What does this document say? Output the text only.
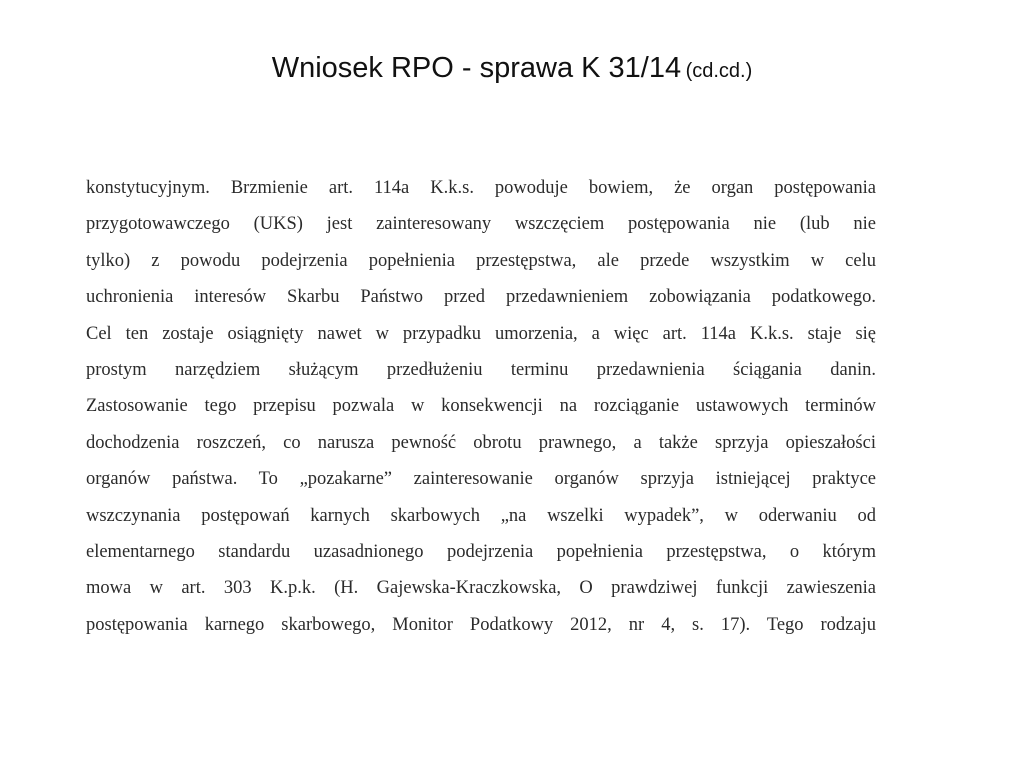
Wniosek RPO - sprawa K 31/14 (cd.cd.)
konstytucyjnym. Brzmienie art. 114a K.k.s. powoduje bowiem, że organ postępowania
przygotowawczego (UKS) jest zainteresowany wszczęciem postępowania nie (lub nie
tylko) z powodu podejrzenia popełnienia przestępstwa, ale przede wszystkim w celu
uchronienia interesów Skarbu Państwo przed przedawnieniem zobowiązania podatkowego.
Cel ten zostaje osiągnięty nawet w przypadku umorzenia, a więc art. 114a K.k.s. staje się
prostym narzędziem służącym przedłużeniu terminu przedawnienia ściągania danin.
Zastosowanie tego przepisu pozwala w konsekwencji na rozciąganie ustawowych terminów
dochodzenia roszczeń, co narusza pewność obrotu prawnego, a także sprzyja opieszałości
organów państwa. To „pozakarne” zainteresowanie organów sprzyja istniejącej praktyce
wszczynania postępowań karnych skarbowych „na wszelki wypadek”, w oderwaniu od
elementarnego standardu uzasadnionego podejrzenia popełnienia przestępstwa, o którym
mowa w art. 303 K.p.k. (H. Gajewska-Kraczkowska, O prawdziwej funkcji zawieszenia
postępowania karnego skarbowego, Monitor Podatkowy 2012, nr 4, s. 17). Tego rodzaju
